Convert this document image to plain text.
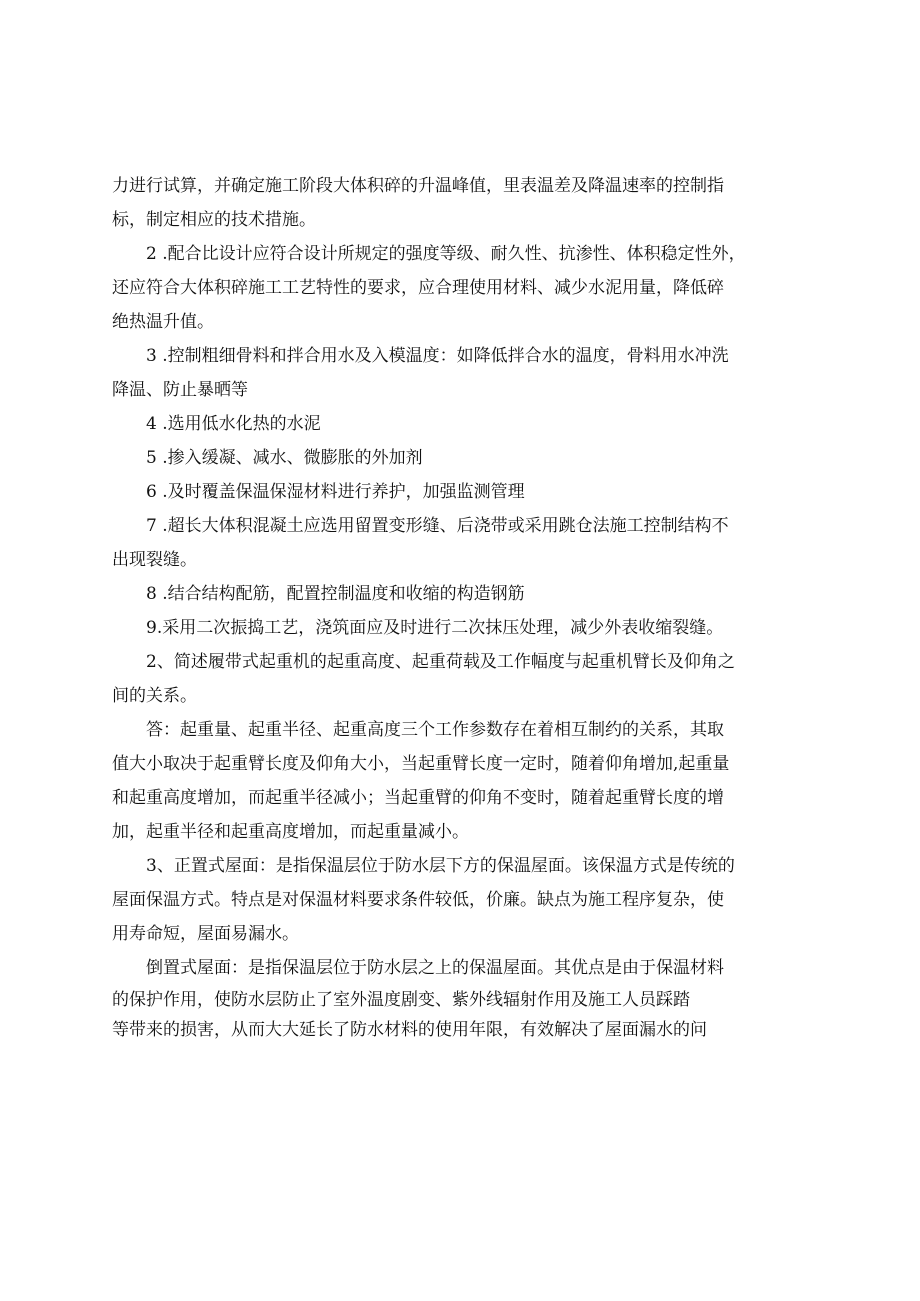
力进行试算，并确定施工阶段大体积碎的升温峰值，里表温差及降温速率的控制指
标，制定相应的技术措施。
2 .配合比设计应符合设计所规定的强度等级、耐久性、抗渗性、体积稳定性外，
还应符合大体积碎施工工艺特性的要求，应合理使用材料、减少水泥用量，降低碎
绝热温升值。
3 .控制粗细骨料和拌合用水及入模温度：如降低拌合水的温度，骨料用水冲洗
降温、防止暴晒等
4 .选用低水化热的水泥
5 .掺入缓凝、减水、微膨胀的外加剂
6 .及时覆盖保温保湿材料进行养护，加强监测管理
7 .超长大体积混凝土应选用留置变形缝、后浇带或采用跳仓法施工控制结构不
出现裂缝。
8 .结合结构配筋，配置控制温度和收缩的构造钢筋
9.采用二次振捣工艺，浇筑面应及时进行二次抹压处理，减少外表收缩裂缝。
2、简述履带式起重机的起重高度、起重荷载及工作幅度与起重机臂长及仰角之
间的关系。
答：起重量、起重半径、起重高度三个工作参数存在着相互制约的关系，其取
值大小取决于起重臂长度及仰角大小，当起重臂长度一定时，随着仰角增加,起重量
和起重高度增加，而起重半径减小；当起重臂的仰角不变时，随着起重臂长度的增
加，起重半径和起重高度增加，而起重量减小。
3、正置式屋面：是指保温层位于防水层下方的保温屋面。该保温方式是传统的
屋面保温方式。特点是对保温材料要求条件较低，价廉。缺点为施工程序复杂，使
用寿命短，屋面易漏水。
倒置式屋面：是指保温层位于防水层之上的保温屋面。其优点是由于保温材料
的保护作用，使防水层防止了室外温度剧变、紫外线辐射作用及施工人员踩踏
等带来的损害，从而大大延长了防水材料的使用年限，有效解决了屋面漏水的问
